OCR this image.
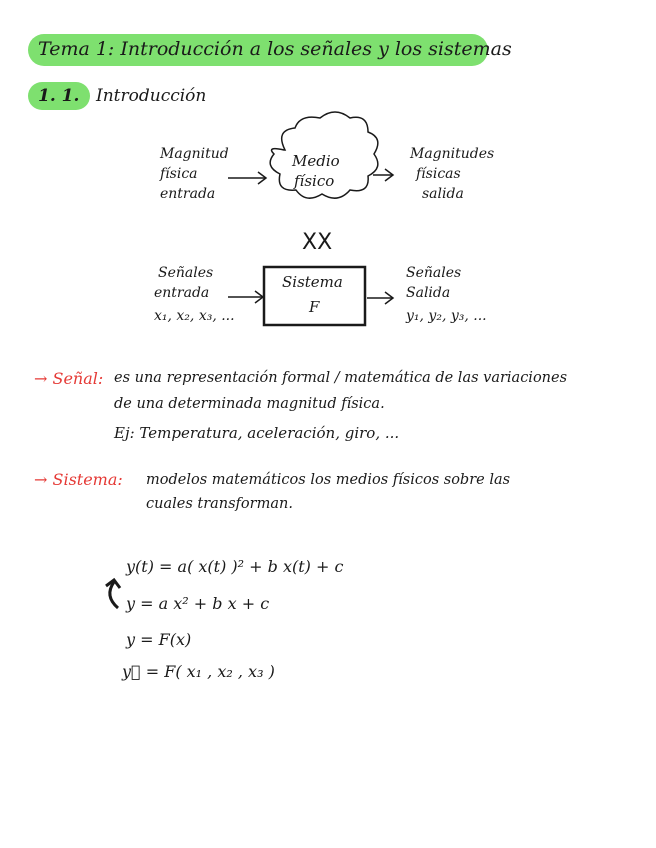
Tema 1: Introducción a los señales y los sistemas
1. 1. Introducción
Magnitud
física
entrada
Medio
físico
Magnitudes
físicas
salida
XX
Señales
entrada
x₁, x₂, x₃, ...
Sistema
F
Señales
Salida
y₁, y₂, y₃, ...
→ Señal: es una representación formal / matemática de las variaciones
de una determinada magnitud física.
Ej: Temperatura, aceleración, giro, ...
→ Sistema: modelos matemáticos los medios físicos sobre las
cuales transforman.
y(t) = a( x(t) )² + b x(t) + c
y = a x² + b x + c
y = F(x)
y⃗ = F( x₁ , x₂ , x₃ )
